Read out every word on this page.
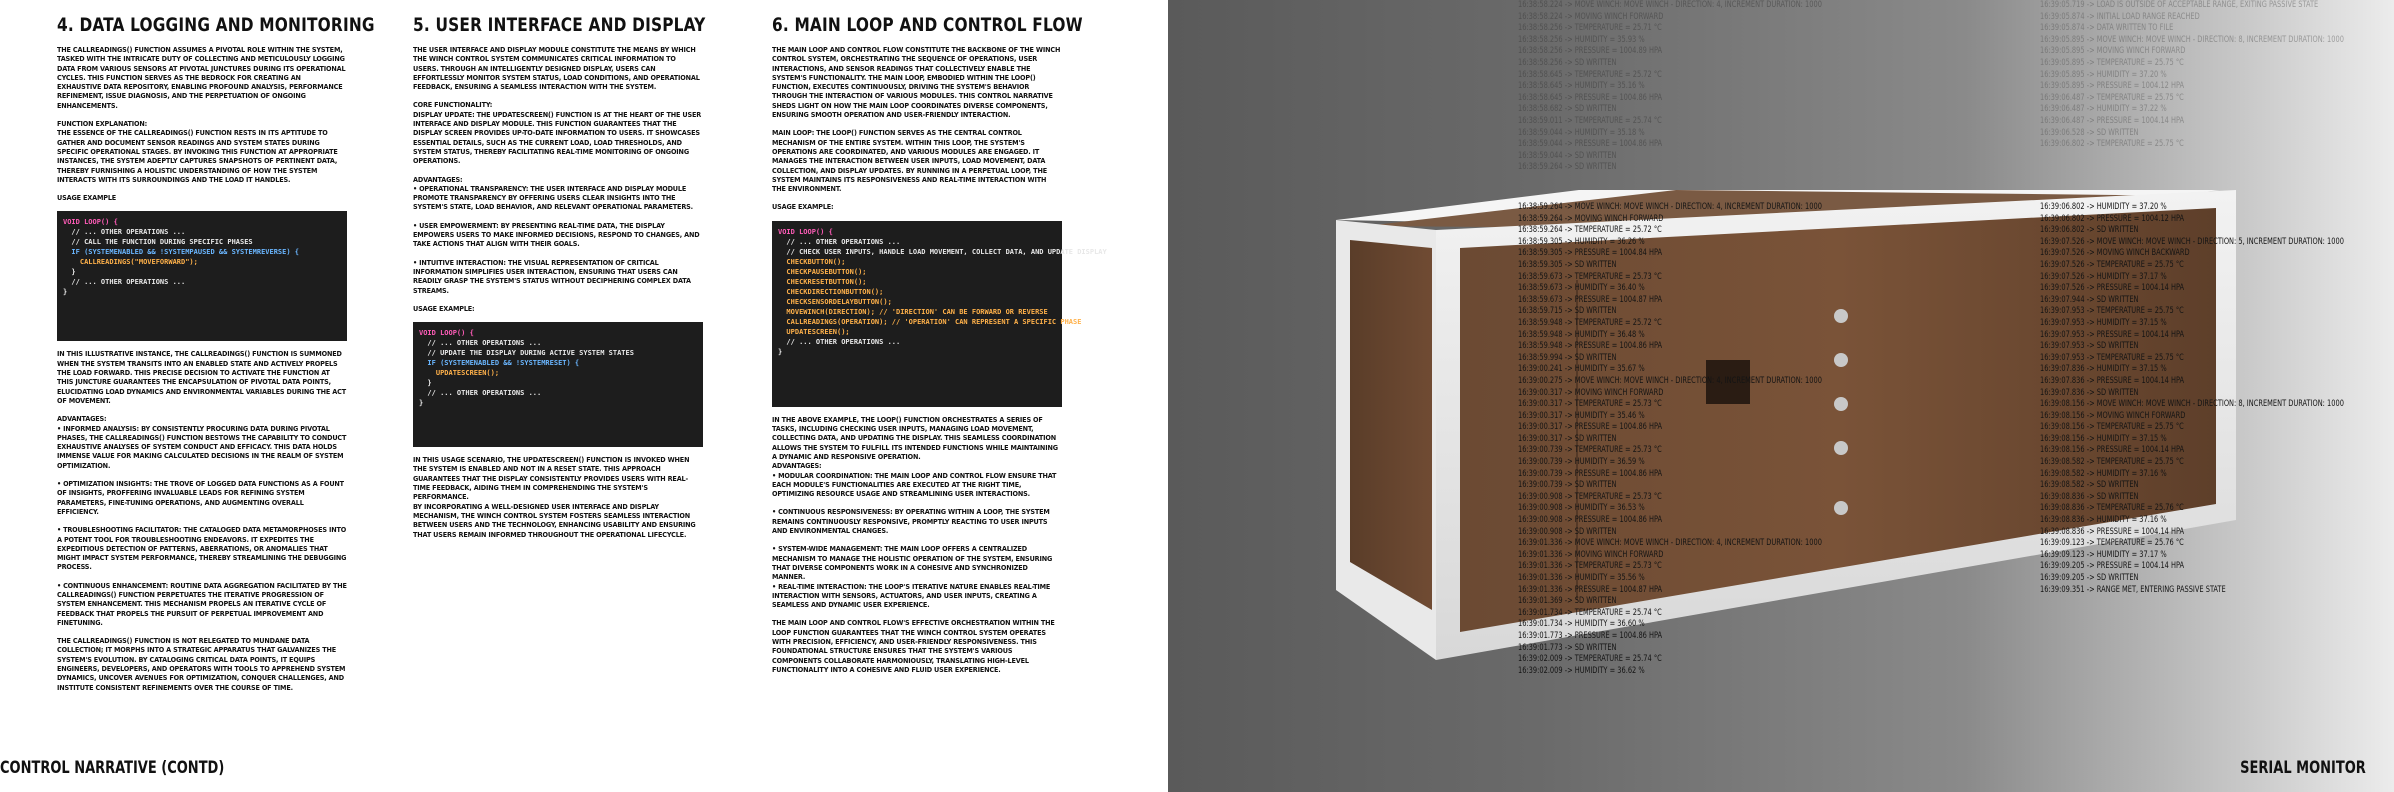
4. DATA LOGGING AND MONITORING
THE CALLREADINGS() FUNCTION ASSUMES A PIVOTAL ROLE WITHIN THE SYSTEM, TASKED WITH THE INTRICATE DUTY OF COLLECTING AND METICULOUSLY LOGGING DATA FROM VARIOUS SENSORS AT PIVOTAL JUNCTURES DURING ITS OPERATIONAL CYCLES. THIS FUNCTION SERVES AS THE BEDROCK FOR CREATING AN EXHAUSTIVE DATA REPOSITORY, ENABLING PROFOUND ANALYSIS, PERFORMANCE REFINEMENT, ISSUE DIAGNOSIS, AND THE PERPETUATION OF ONGOING ENHANCEMENTS.
FUNCTION EXPLANATION:
THE ESSENCE OF THE CALLREADINGS() FUNCTION RESTS IN ITS APTITUDE TO GATHER AND DOCUMENT SENSOR READINGS AND SYSTEM STATES DURING SPECIFIC OPERATIONAL STAGES. BY INVOKING THIS FUNCTION AT APPROPRIATE INSTANCES, THE SYSTEM ADEPTLY CAPTURES SNAPSHOTS OF PERTINENT DATA, THEREBY FURNISHING A HOLISTIC UNDERSTANDING OF HOW THE SYSTEM INTERACTS WITH ITS SURROUNDINGS AND THE LOAD IT HANDLES.
USAGE EXAMPLE
VOID LOOP() {
// ... OTHER OPERATIONS ...
// CALL THE FUNCTION DURING SPECIFIC PHASES
IF (SYSTEMENABLED && !SYSTEMPAUSED && SYSTEMREVERSE) {
CALLREADINGS("MOVEFORWARD");
}
// ... OTHER OPERATIONS ...
}
IN THIS ILLUSTRATIVE INSTANCE, THE CALLREADINGS() FUNCTION IS SUMMONED WHEN THE SYSTEM TRANSITS INTO AN ENABLED STATE AND ACTIVELY PROPELS THE LOAD FORWARD. THIS PRECISE DECISION TO ACTIVATE THE FUNCTION AT THIS JUNCTURE GUARANTEES THE ENCAPSULATION OF PIVOTAL DATA POINTS, ELUCIDATING LOAD DYNAMICS AND ENVIRONMENTAL VARIABLES DURING THE ACT OF MOVEMENT.
ADVANTAGES:
• INFORMED ANALYSIS: BY CONSISTENTLY PROCURING DATA DURING PIVOTAL PHASES, THE CALLREADINGS() FUNCTION BESTOWS THE CAPABILITY TO CONDUCT EXHAUSTIVE ANALYSES OF SYSTEM CONDUCT AND EFFICACY. THIS DATA HOLDS IMMENSE VALUE FOR MAKING CALCULATED DECISIONS IN THE REALM OF SYSTEM OPTIMIZATION.
• OPTIMIZATION INSIGHTS: THE TROVE OF LOGGED DATA FUNCTIONS AS A FOUNT OF INSIGHTS, PROFFERING INVALUABLE LEADS FOR REFINING SYSTEM PARAMETERS, FINE-TUNING OPERATIONS, AND AUGMENTING OVERALL EFFICIENCY.
• TROUBLESHOOTING FACILITATOR: THE CATALOGED DATA METAMORPHOSES INTO A POTENT TOOL FOR TROUBLESHOOTING ENDEAVORS. IT EXPEDITES THE EXPEDITIOUS DETECTION OF PATTERNS, ABERRATIONS, OR ANOMALIES THAT MIGHT IMPACT SYSTEM PERFORMANCE, THEREBY STREAMLINING THE DEBUGGING PROCESS.
• CONTINUOUS ENHANCEMENT: ROUTINE DATA AGGREGATION FACILITATED BY THE CALLREADINGS() FUNCTION PERPETUATES THE ITERATIVE PROGRESSION OF SYSTEM ENHANCEMENT. THIS MECHANISM PROPELS AN ITERATIVE CYCLE OF FEEDBACK THAT PROPELS THE PURSUIT OF PERPETUAL IMPROVEMENT AND FINETUNING.
THE CALLREADINGS() FUNCTION IS NOT RELEGATED TO MUNDANE DATA COLLECTION; IT MORPHS INTO A STRATEGIC APPARATUS THAT GALVANIZES THE SYSTEM'S EVOLUTION. BY CATALOGING CRITICAL DATA POINTS, IT EQUIPS ENGINEERS, DEVELOPERS, AND OPERATORS WITH TOOLS TO APPREHEND SYSTEM DYNAMICS, UNCOVER AVENUES FOR OPTIMIZATION, CONQUER CHALLENGES, AND INSTITUTE CONSISTENT REFINEMENTS OVER THE COURSE OF TIME.
5. USER INTERFACE AND DISPLAY
THE USER INTERFACE AND DISPLAY MODULE CONSTITUTE THE MEANS BY WHICH THE WINCH CONTROL SYSTEM COMMUNICATES CRITICAL INFORMATION TO USERS. THROUGH AN INTELLIGENTLY DESIGNED DISPLAY, USERS CAN EFFORTLESSLY MONITOR SYSTEM STATUS, LOAD CONDITIONS, AND OPERATIONAL FEEDBACK, ENSURING A SEAMLESS INTERACTION WITH THE SYSTEM.
CORE FUNCTIONALITY:
DISPLAY UPDATE: THE UPDATESCREEN() FUNCTION IS AT THE HEART OF THE USER INTERFACE AND DISPLAY MODULE. THIS FUNCTION GUARANTEES THAT THE DISPLAY SCREEN PROVIDES UP-TO-DATE INFORMATION TO USERS. IT SHOWCASES ESSENTIAL DETAILS, SUCH AS THE CURRENT LOAD, LOAD THRESHOLDS, AND SYSTEM STATUS, THEREBY FACILITATING REAL-TIME MONITORING OF ONGOING OPERATIONS.
ADVANTAGES:
• OPERATIONAL TRANSPARENCY: THE USER INTERFACE AND DISPLAY MODULE PROMOTE TRANSPARENCY BY OFFERING USERS CLEAR INSIGHTS INTO THE SYSTEM'S STATE, LOAD BEHAVIOR, AND RELEVANT OPERATIONAL PARAMETERS.
• USER EMPOWERMENT: BY PRESENTING REAL-TIME DATA, THE DISPLAY EMPOWERS USERS TO MAKE INFORMED DECISIONS, RESPOND TO CHANGES, AND TAKE ACTIONS THAT ALIGN WITH THEIR GOALS.
• INTUITIVE INTERACTION: THE VISUAL REPRESENTATION OF CRITICAL INFORMATION SIMPLIFIES USER INTERACTION, ENSURING THAT USERS CAN READILY GRASP THE SYSTEM'S STATUS WITHOUT DECIPHERING COMPLEX DATA STREAMS.
USAGE EXAMPLE:
VOID LOOP() {
// ... OTHER OPERATIONS ...
// UPDATE THE DISPLAY DURING ACTIVE SYSTEM STATES
IF (SYSTEMENABLED && !SYSTEMRESET) {
UPDATESCREEN();
}
// ... OTHER OPERATIONS ...
}
IN THIS USAGE SCENARIO, THE UPDATESCREEN() FUNCTION IS INVOKED WHEN THE SYSTEM IS ENABLED AND NOT IN A RESET STATE. THIS APPROACH GUARANTEES THAT THE DISPLAY CONSISTENTLY PROVIDES USERS WITH REAL-TIME FEEDBACK, AIDING THEM IN COMPREHENDING THE SYSTEM'S PERFORMANCE.
BY INCORPORATING A WELL-DESIGNED USER INTERFACE AND DISPLAY MECHANISM, THE WINCH CONTROL SYSTEM FOSTERS SEAMLESS INTERACTION BETWEEN USERS AND THE TECHNOLOGY, ENHANCING USABILITY AND ENSURING THAT USERS REMAIN INFORMED THROUGHOUT THE OPERATIONAL LIFECYCLE.
6. MAIN LOOP AND CONTROL FLOW
THE MAIN LOOP AND CONTROL FLOW CONSTITUTE THE BACKBONE OF THE WINCH CONTROL SYSTEM, ORCHESTRATING THE SEQUENCE OF OPERATIONS, USER INTERACTIONS, AND SENSOR READINGS THAT COLLECTIVELY ENABLE THE SYSTEM'S FUNCTIONALITY. THE MAIN LOOP, EMBODIED WITHIN THE LOOP() FUNCTION, EXECUTES CONTINUOUSLY, DRIVING THE SYSTEM'S BEHAVIOR THROUGH THE INTERACTION OF VARIOUS MODULES. THIS CONTROL NARRATIVE SHEDS LIGHT ON HOW THE MAIN LOOP COORDINATES DIVERSE COMPONENTS, ENSURING SMOOTH OPERATION AND USER-FRIENDLY INTERACTION.
MAIN LOOP: THE LOOP() FUNCTION SERVES AS THE CENTRAL CONTROL MECHANISM OF THE ENTIRE SYSTEM. WITHIN THIS LOOP, THE SYSTEM'S OPERATIONS ARE COORDINATED, AND VARIOUS MODULES ARE ENGAGED. IT MANAGES THE INTERACTION BETWEEN USER INPUTS, LOAD MOVEMENT, DATA COLLECTION, AND DISPLAY UPDATES. BY RUNNING IN A PERPETUAL LOOP, THE SYSTEM MAINTAINS ITS RESPONSIVENESS AND REAL-TIME INTERACTION WITH THE ENVIRONMENT.
USAGE EXAMPLE:
VOID LOOP() {
// ... OTHER OPERATIONS ...
// CHECK USER INPUTS, HANDLE LOAD MOVEMENT, COLLECT DATA, AND UPDATE DISPLAY
CHECKBUTTON();
CHECKPAUSEBUTTON();
CHECKRESETBUTTON();
CHECKDIRECTIONBUTTON();
CHECKSENSORDELAYBUTTON();
MOVEWINCH(DIRECTION); // 'DIRECTION' CAN BE FORWARD OR REVERSE
CALLREADINGS(OPERATION); // 'OPERATION' CAN REPRESENT A SPECIFIC PHASE
UPDATESCREEN();
// ... OTHER OPERATIONS ...
}
IN THE ABOVE EXAMPLE, THE LOOP() FUNCTION ORCHESTRATES A SERIES OF TASKS, INCLUDING CHECKING USER INPUTS, MANAGING LOAD MOVEMENT, COLLECTING DATA, AND UPDATING THE DISPLAY. THIS SEAMLESS COORDINATION ALLOWS THE SYSTEM TO FULFILL ITS INTENDED FUNCTIONS WHILE MAINTAINING A DYNAMIC AND RESPONSIVE OPERATION.
ADVANTAGES:
• MODULAR COORDINATION: THE MAIN LOOP AND CONTROL FLOW ENSURE THAT EACH MODULE'S FUNCTIONALITIES ARE EXECUTED AT THE RIGHT TIME, OPTIMIZING RESOURCE USAGE AND STREAMLINING USER INTERACTIONS.
• CONTINUOUS RESPONSIVENESS: BY OPERATING WITHIN A LOOP, THE SYSTEM REMAINS CONTINUOUSLY RESPONSIVE, PROMPTLY REACTING TO USER INPUTS AND ENVIRONMENTAL CHANGES.
• SYSTEM-WIDE MANAGEMENT: THE MAIN LOOP OFFERS A CENTRALIZED MECHANISM TO MANAGE THE HOLISTIC OPERATION OF THE SYSTEM, ENSURING THAT DIVERSE COMPONENTS WORK IN A COHESIVE AND SYNCHRONIZED MANNER.
• REAL-TIME INTERACTION: THE LOOP'S ITERATIVE NATURE ENABLES REAL-TIME INTERACTION WITH SENSORS, ACTUATORS, AND USER INPUTS, CREATING A SEAMLESS AND DYNAMIC USER EXPERIENCE.
THE MAIN LOOP AND CONTROL FLOW'S EFFECTIVE ORCHESTRATION WITHIN THE LOOP FUNCTION GUARANTEES THAT THE WINCH CONTROL SYSTEM OPERATES WITH PRECISION, EFFICIENCY, AND USER-FRIENDLY RESPONSIVENESS. THIS FOUNDATIONAL STRUCTURE ENSURES THAT THE SYSTEM'S VARIOUS COMPONENTS COLLABORATE HARMONIOUSLY, TRANSLATING HIGH-LEVEL FUNCTIONALITY INTO A COHESIVE AND FLUID USER EXPERIENCE.
CONTROL NARRATIVE (CONTD)
16:38:58.224 -> MOVE WINCH: MOVE WINCH - DIRECTION: 4, INCREMENT DURATION: 1000
16:38:58.224 -> MOVING WINCH FORWARD
16:38:58.256 -> TEMPERATURE = 25.71 °C
16:38:58.256 -> HUMIDITY = 35.93 %
16:38:58.256 -> PRESSURE = 1004.89 HPA
16:38:58.256 -> SD WRITTEN
16:38:58.645 -> TEMPERATURE = 25.72 °C
16:38:58.645 -> HUMIDITY = 35.16 %
16:38:58.645 -> PRESSURE = 1004.86 HPA
16:38:58.682 -> SD WRITTEN
16:38:59.011 -> TEMPERATURE = 25.74 °C
16:38:59.044 -> HUMIDITY = 35.18 %
16:38:59.044 -> PRESSURE = 1004.86 HPA
16:38:59.044 -> SD WRITTEN
16:38:59.264 -> SD WRITTEN
16:38:59.264 -> MOVE WINCH: MOVE WINCH - DIRECTION: 4, INCREMENT DURATION: 1000
16:38:59.264 -> MOVING WINCH FORWARD
16:38:59.264 -> TEMPERATURE = 25.72 °C
16:38:59.305 -> HUMIDITY = 36.26 %
16:38:59.305 -> PRESSURE = 1004.84 HPA
16:38:59.305 -> SD WRITTEN
16:38:59.673 -> TEMPERATURE = 25.73 °C
16:38:59.673 -> HUMIDITY = 36.40 %
16:38:59.673 -> PRESSURE = 1004.87 HPA
16:38:59.715 -> SD WRITTEN
16:38:59.948 -> TEMPERATURE = 25.72 °C
16:38:59.948 -> HUMIDITY = 36.48 %
16:38:59.948 -> PRESSURE = 1004.86 HPA
16:38:59.994 -> SD WRITTEN
16:39:00.241 -> HUMIDITY = 35.67 %
16:39:00.275 -> MOVE WINCH: MOVE WINCH - DIRECTION: 4, INCREMENT DURATION: 1000
16:39:00.317 -> MOVING WINCH FORWARD
16:39:00.317 -> TEMPERATURE = 25.73 °C
16:39:00.317 -> HUMIDITY = 35.46 %
16:39:00.317 -> PRESSURE = 1004.86 HPA
16:39:00.317 -> SD WRITTEN
16:39:00.739 -> TEMPERATURE = 25.73 °C
16:39:00.739 -> HUMIDITY = 36.59 %
16:39:00.739 -> PRESSURE = 1004.86 HPA
16:39:00.739 -> SD WRITTEN
16:39:00.908 -> TEMPERATURE = 25.73 °C
16:39:00.908 -> HUMIDITY = 36.53 %
16:39:00.908 -> PRESSURE = 1004.86 HPA
16:39:00.908 -> SD WRITTEN
16:39:01.336 -> MOVE WINCH: MOVE WINCH - DIRECTION: 4, INCREMENT DURATION: 1000
16:39:01.336 -> MOVING WINCH FORWARD
16:39:01.336 -> TEMPERATURE = 25.73 °C
16:39:01.336 -> HUMIDITY = 35.56 %
16:39:01.336 -> PRESSURE = 1004.87 HPA
16:39:01.369 -> SD WRITTEN
16:39:01.734 -> TEMPERATURE = 25.74 °C
16:39:01.734 -> HUMIDITY = 36.60 %
16:39:01.773 -> PRESSURE = 1004.86 HPA
16:39:01.773 -> SD WRITTEN
16:39:02.009 -> TEMPERATURE = 25.74 °C
16:39:02.009 -> HUMIDITY = 36.62 %
16:39:05.719 -> LOAD IS OUTSIDE OF ACCEPTABLE RANGE, EXITING PASSIVE STATE
16:39:05.874 -> INITIAL LOAD RANGE REACHED
16:39:05.874 -> DATA WRITTEN TO FILE
16:39:05.895 -> MOVE WINCH: MOVE WINCH - DIRECTION: 8, INCREMENT DURATION: 1000
16:39:05.895 -> MOVING WINCH FORWARD
16:39:05.895 -> TEMPERATURE = 25.75 °C
16:39:05.895 -> HUMIDITY = 37.20 %
16:39:05.895 -> PRESSURE = 1004.12 HPA
16:39:06.487 -> TEMPERATURE = 25.75 °C
16:39:06.487 -> HUMIDITY = 37.22 %
16:39:06.487 -> PRESSURE = 1004.14 HPA
16:39:06.528 -> SD WRITTEN
16:39:06.802 -> TEMPERATURE = 25.75 °C
16:39:06.802 -> HUMIDITY = 37.20 %
16:39:06.802 -> PRESSURE = 1004.12 HPA
16:39:06.802 -> SD WRITTEN
16:39:07.526 -> MOVE WINCH: MOVE WINCH - DIRECTION: 5, INCREMENT DURATION: 1000
16:39:07.526 -> MOVING WINCH BACKWARD
16:39:07.526 -> TEMPERATURE = 25.75 °C
16:39:07.526 -> HUMIDITY = 37.17 %
16:39:07.526 -> PRESSURE = 1004.14 HPA
16:39:07.944 -> SD WRITTEN
16:39:07.953 -> TEMPERATURE = 25.75 °C
16:39:07.953 -> HUMIDITY = 37.15 %
16:39:07.953 -> PRESSURE = 1004.14 HPA
16:39:07.953 -> SD WRITTEN
16:39:07.953 -> TEMPERATURE = 25.75 °C
16:39:07.836 -> HUMIDITY = 37.15 %
16:39:07.836 -> PRESSURE = 1004.14 HPA
16:39:07.836 -> SD WRITTEN
16:39:08.156 -> MOVE WINCH: MOVE WINCH - DIRECTION: 8, INCREMENT DURATION: 1000
16:39:08.156 -> MOVING WINCH FORWARD
16:39:08.156 -> TEMPERATURE = 25.75 °C
16:39:08.156 -> HUMIDITY = 37.15 %
16:39:08.156 -> PRESSURE = 1004.14 HPA
16:39:08.582 -> TEMPERATURE = 25.75 °C
16:39:08.582 -> HUMIDITY = 37.16 %
16:39:08.582 -> SD WRITTEN
16:39:08.836 -> SD WRITTEN
16:39:08.836 -> TEMPERATURE = 25.76 °C
16:39:08.836 -> HUMIDITY = 37.16 %
16:39:08.836 -> PRESSURE = 1004.14 HPA
16:39:09.123 -> TEMPERATURE = 25.76 °C
16:39:09.123 -> HUMIDITY = 37.17 %
16:39:09.205 -> PRESSURE = 1004.14 HPA
16:39:09.205 -> SD WRITTEN
16:39:09.351 -> RANGE MET, ENTERING PASSIVE STATE
SERIAL MONITOR
